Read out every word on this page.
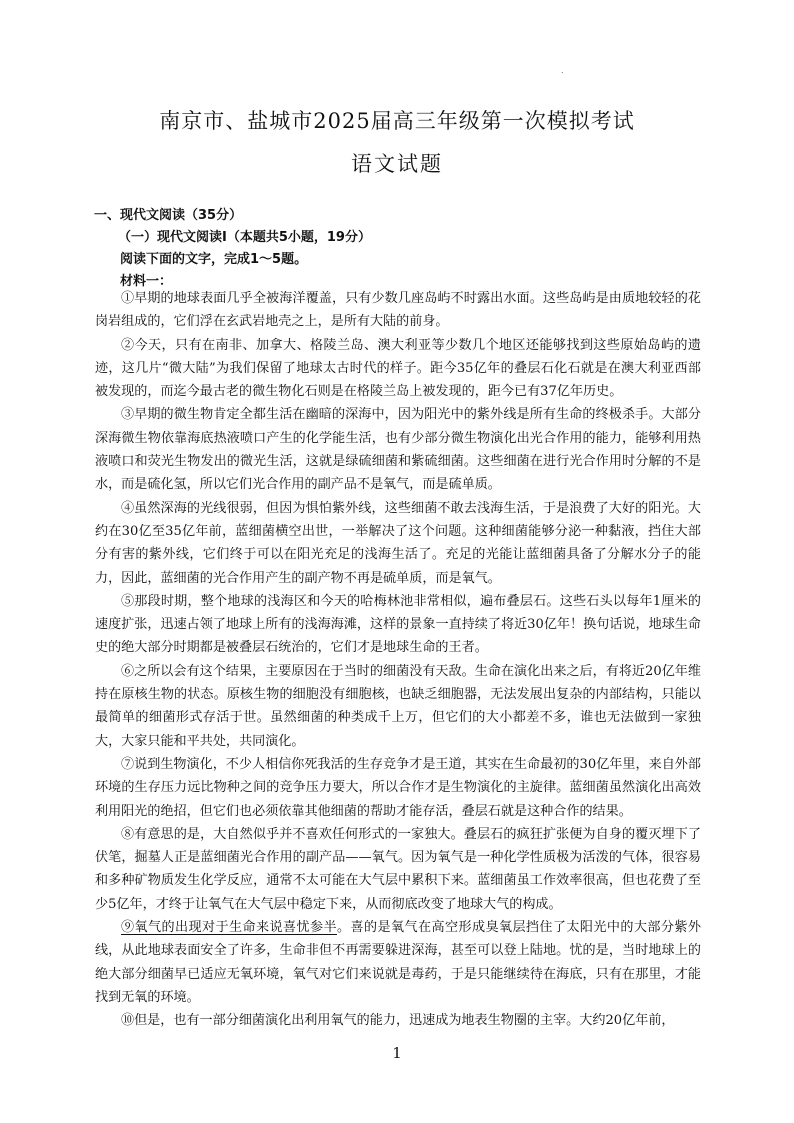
.
南京市、盐城市2025届高三年级第一次模拟考试
语文试题
一、现代文阅读（35分）
（一）现代文阅读Ⅰ（本题共5小题，19分）
阅读下面的文字，完成1～5题。
材料一：

①早期的地球表面几乎全被海洋覆盖，只有少数几座岛屿不时露出水面。这些岛屿是由质地较轻的花岗岩组成的，它们浮在玄武岩地壳之上，是所有大陆的前身。

②今天，只有在南非、加拿大、格陵兰岛、澳大利亚等少数几个地区还能够找到这些原始岛屿的遗迹，这几片“微大陆”为我们保留了地球太古时代的样子。距今35亿年的叠层石化石就是在澳大利亚西部被发现的，而迄今最古老的微生物化石则是在格陵兰岛上被发现的，距今已有37亿年历史。

③早期的微生物肯定全都生活在幽暗的深海中，因为阳光中的紫外线是所有生命的终极杀手。大部分深海微生物依靠海底热液喷口产生的化学能生活，也有少部分微生物演化出光合作用的能力，能够利用热液喷口和荧光生物发出的微光生活，这就是绿硫细菌和紫硫细菌。这些细菌在进行光合作用时分解的不是水，而是硫化氢，所以它们光合作用的副产品不是氧气，而是硫单质。

④虽然深海的光线很弱，但因为惧怕紫外线，这些细菌不敢去浅海生活，于是浪费了大好的阳光。大约在30亿至35亿年前，蓝细菌横空出世，一举解决了这个问题。这种细菌能够分泌一种黏液，挡住大部分有害的紫外线，它们终于可以在阳光充足的浅海生活了。充足的光能让蓝细菌具备了分解水分子的能力，因此，蓝细菌的光合作用产生的副产物不再是硫单质，而是氧气。

⑤那段时期，整个地球的浅海区和今天的哈梅林池非常相似，遍布叠层石。这些石头以每年1厘米的速度扩张，迅速占领了地球上所有的浅海海滩，这样的景象一直持续了将近30亿年！换句话说，地球生命史的绝大部分时期都是被叠层石统治的，它们才是地球生命的王者。

⑥之所以会有这个结果，主要原因在于当时的细菌没有天敌。生命在演化出来之后，有将近20亿年维持在原核生物的状态。原核生物的细胞没有细胞核，也缺乏细胞器，无法发展出复杂的内部结构，只能以最简单的细菌形式存活于世。虽然细菌的种类成千上万，但它们的大小都差不多，谁也无法做到一家独大，大家只能和平共处，共同演化。

⑦说到生物演化，不少人相信你死我活的生存竞争才是王道，其实在生命最初的30亿年里，来自外部环境的生存压力远比物种之间的竞争压力要大，所以合作才是生物演化的主旋律。蓝细菌虽然演化出高效利用阳光的绝招，但它们也必须依靠其他细菌的帮助才能存活，叠层石就是这种合作的结果。

⑧有意思的是，大自然似乎并不喜欢任何形式的一家独大。叠层石的疯狂扩张便为自身的覆灭埋下了伏笔，掘墓人正是蓝细菌光合作用的副产品——氧气。因为氧气是一种化学性质极为活泼的气体，很容易和多种矿物质发生化学反应，通常不太可能在大气层中累积下来。蓝细菌虽工作效率很高，但也花费了至少5亿年，才终于让氧气在大气层中稳定下来，从而彻底改变了地球大气的构成。

⑨氧气的出现对于生命来说喜忧参半。喜的是氧气在高空形成臭氧层挡住了太阳光中的大部分紫外线，从此地球表面安全了许多，生命非但不再需要躲进深海，甚至可以登上陆地。忧的是，当时地球上的绝大部分细菌早已适应无氧环境，氧气对它们来说就是毒药，于是只能继续待在海底，只有在那里，才能找到无氧的环境。

⑩但是，也有一部分细菌演化出利用氧气的能力，迅速成为地表生物圈的主宰。大约20亿年前，

1
